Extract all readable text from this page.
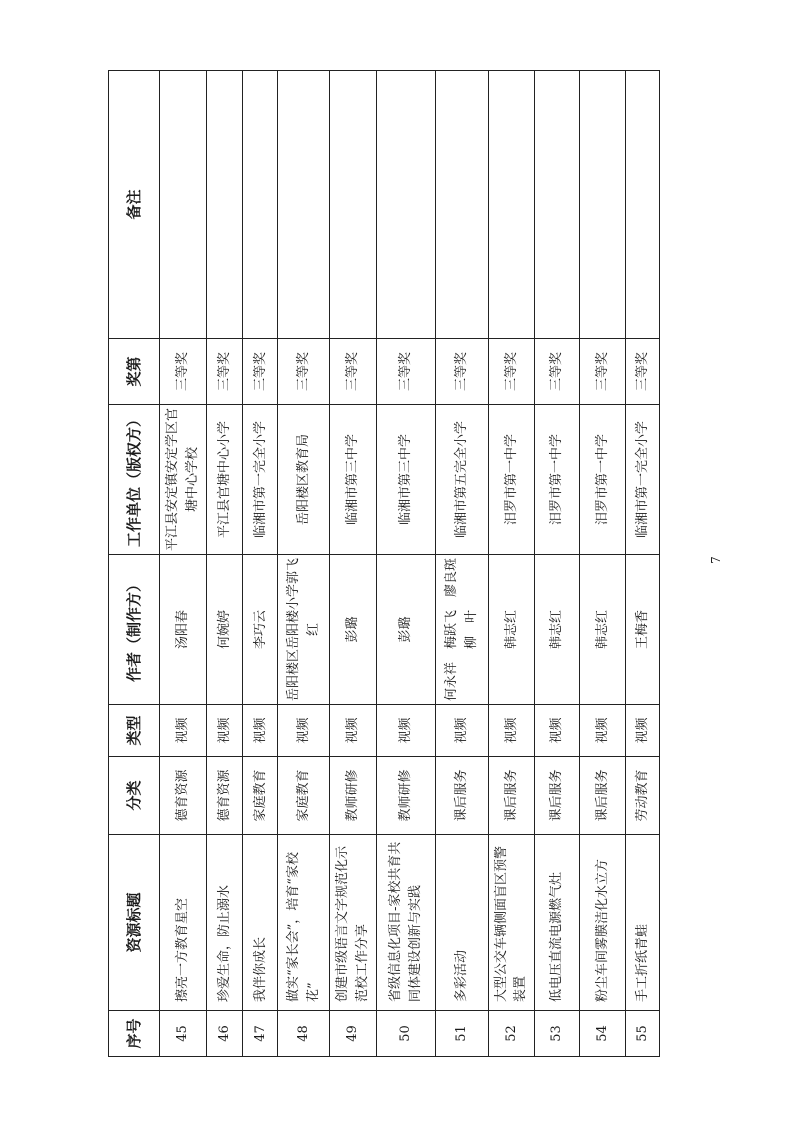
序号	资源标题	分类	类型	作者（制作方）	工作单位（版权方）	奖第	备注
45	擦亮一方教育星空	德育资源	视频	汤阳春	平江县安定镇安定学区官塘中心学校	三等奖	
46	珍爱生命，防止溺水	德育资源	视频	何婉婷	平江县官塘中心小学	三等奖	
47	我伴你成长	家庭教育	视频	李巧云	临湘市第一完全小学	三等奖	
48	做实“家长会”，培育“家校花”	家庭教育	视频	岳阳楼区岳阳楼小学郭飞红	岳阳楼区教育局	三等奖	
49	创建市级语言文字规范化示范校工作分享	教师研修	视频	彭璐	临湘市第三中学	三等奖	
50	省级信息化项目-家校共育共同体建设创新与实践	教师研修	视频	彭璐	临湘市第三中学	三等奖	
51	多彩活动	课后服务	视频	何永祥　梅跃飞　廖良斑　柳　叶	临湘市第五完全小学	三等奖	
52	大型公交车辆侧面盲区预警装置	课后服务	视频	韩志红	汨罗市第一中学	三等奖	
53	低电压直流电源燃气灶	课后服务	视频	韩志红	汨罗市第一中学	三等奖	
54	粉尘车间雾膜洁化水立方	课后服务	视频	韩志红	汨罗市第一中学	三等奖	
55	手工折纸青蛙	劳动教育	视频	王梅香	临湘市第一完全小学	三等奖	
7
